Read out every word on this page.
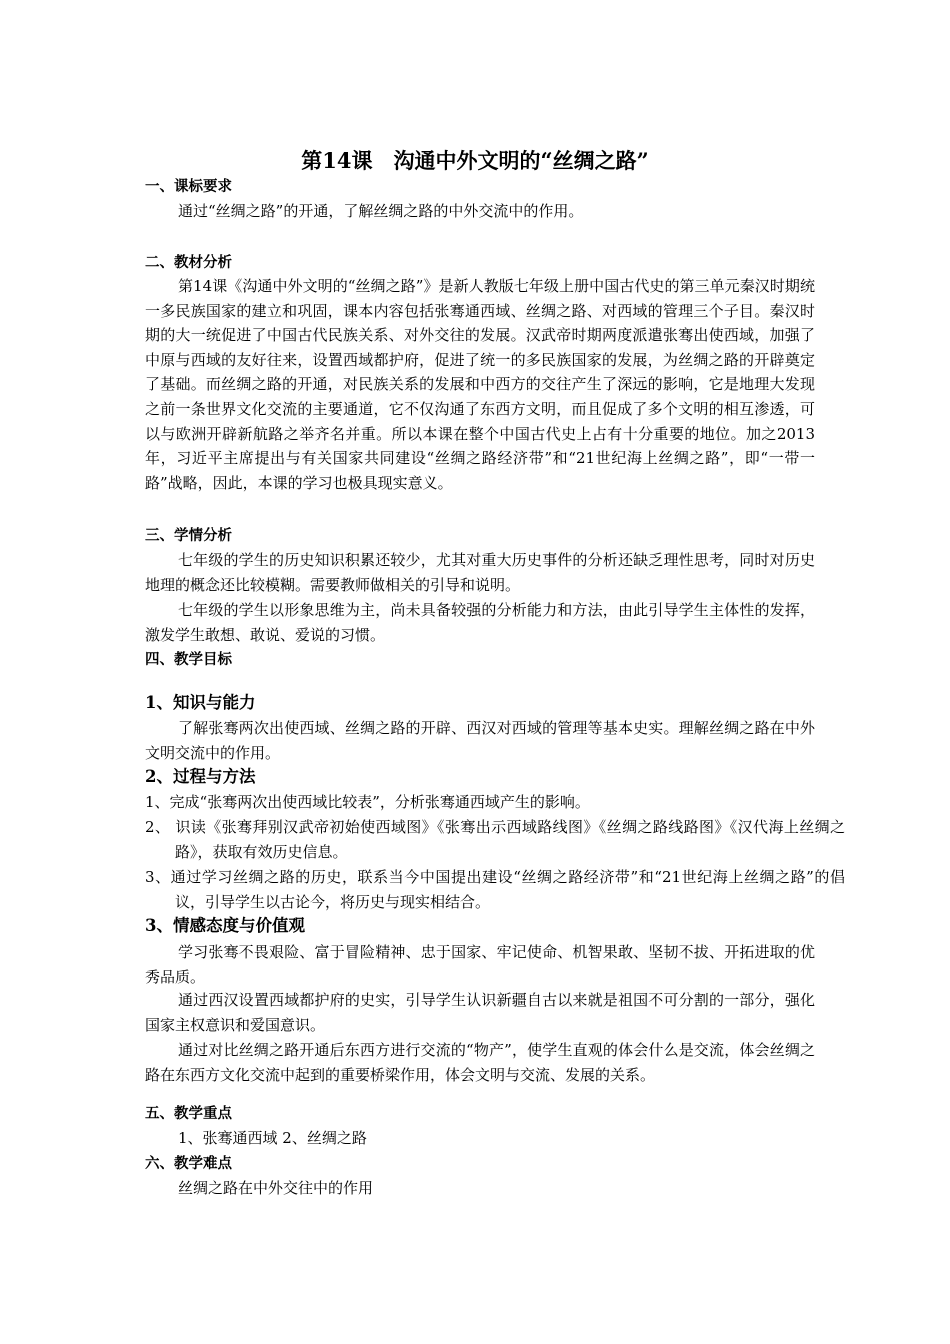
第14课　沟通中外文明的“丝绸之路”
一、课标要求
通过“丝绸之路”的开通，了解丝绸之路的中外交流中的作用。
二、教材分析
第14课《沟通中外文明的“丝绸之路”》是新人教版七年级上册中国古代史的第三单元秦汉时期统一多民族国家的建立和巩固，课本内容包括张骞通西域、丝绸之路、对西域的管理三个子目。秦汉时期的大一统促进了中国古代民族关系、对外交往的发展。汉武帝时期两度派遣张骞出使西域，加强了中原与西域的友好往来，设置西域都护府，促进了统一的多民族国家的发展，为丝绸之路的开辟奠定了基础。而丝绸之路的开通，对民族关系的发展和中西方的交往产生了深远的影响，它是地理大发现之前一条世界文化交流的主要通道，它不仅沟通了东西方文明，而且促成了多个文明的相互渗透，可以与欧洲开辟新航路之举齐名并重。所以本课在整个中国古代史上占有十分重要的地位。加之2013年，习近平主席提出与有关国家共同建设“丝绸之路经济带”和“21世纪海上丝绸之路”，即“一带一路”战略，因此，本课的学习也极具现实意义。
三、学情分析
七年级的学生的历史知识积累还较少，尤其对重大历史事件的分析还缺乏理性思考，同时对历史地理的概念还比较模糊。需要教师做相关的引导和说明。
七年级的学生以形象思维为主，尚未具备较强的分析能力和方法，由此引导学生主体性的发挥，激发学生敢想、敢说、爱说的习惯。
四、教学目标
1、知识与能力
了解张骞两次出使西域、丝绸之路的开辟、西汉对西域的管理等基本史实。理解丝绸之路在中外文明交流中的作用。
2、过程与方法
1、完成“张骞两次出使西域比较表”，分析张骞通西域产生的影响。
2、 识读《张骞拜别汉武帝初始使西域图》《张骞出示西域路线图》《丝绸之路线路图》《汉代海上丝绸之路》，获取有效历史信息。
3、通过学习丝绸之路的历史，联系当今中国提出建设“丝绸之路经济带”和“21世纪海上丝绸之路”的倡议，引导学生以古论今，将历史与现实相结合。
3、情感态度与价值观
学习张骞不畏艰险、富于冒险精神、忠于国家、牢记使命、机智果敢、坚韧不拔、开拓进取的优秀品质。
通过西汉设置西域都护府的史实，引导学生认识新疆自古以来就是祖国不可分割的一部分，强化国家主权意识和爱国意识。
通过对比丝绸之路开通后东西方进行交流的“物产”，使学生直观的体会什么是交流，体会丝绸之路在东西方文化交流中起到的重要桥梁作用，体会文明与交流、发展的关系。
五、教学重点
1、张骞通西域 2、丝绸之路
六、教学难点
丝绸之路在中外交往中的作用
